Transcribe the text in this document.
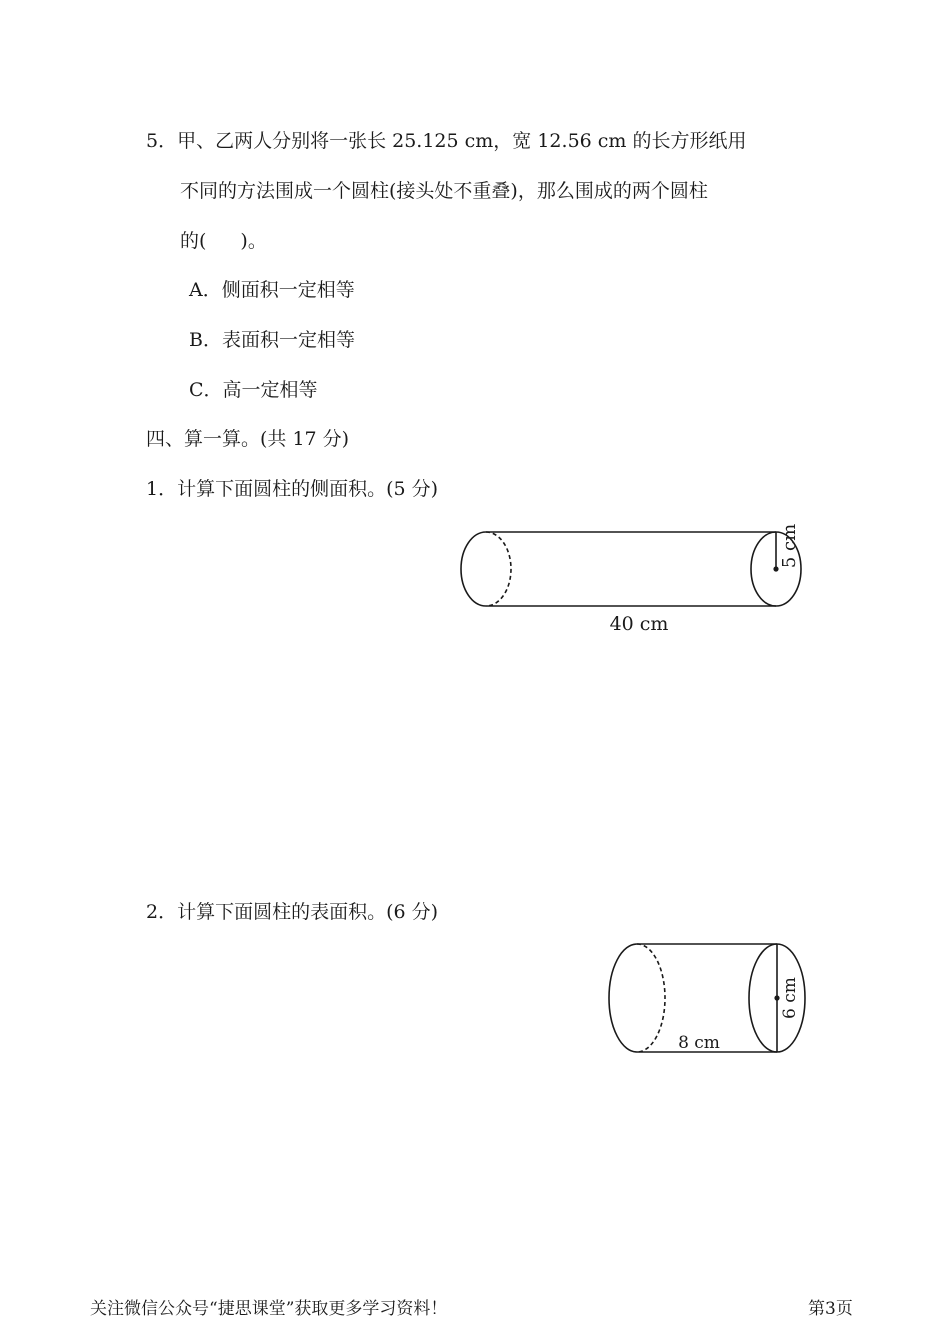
5．甲、乙两人分别将一张长 25.125 cm，宽 12.56 cm 的长方形纸用
不同的方法围成一个圆柱(接头处不重叠)，那么围成的两个圆柱
的( )。
A．侧面积一定相等
B．表面积一定相等
C．高一定相等
四、算一算。(共 17 分)
1．计算下面圆柱的侧面积。(5 分)
40 cm
5 cm
2．计算下面圆柱的表面积。(6 分)
8 cm
6 cm
关注微信公众号“捷思课堂”获取更多学习资料！	第3页
